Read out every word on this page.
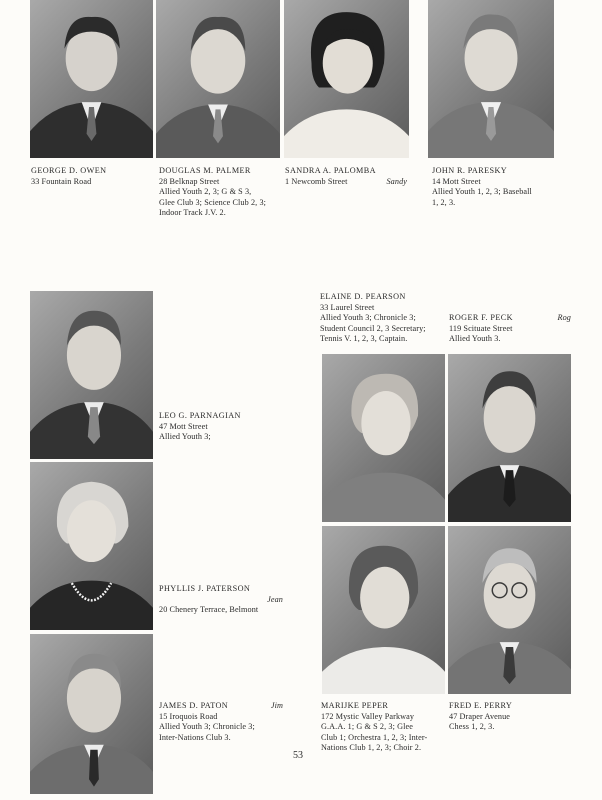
GEORGE D. OWEN
33 Fountain Road
DOUGLAS M. PALMER
28 Belknap Street
Allied Youth 2, 3; G & S 3,
Glee Club 3; Science Club 2, 3;
Indoor Track J.V. 2.
SANDRA A. PALOMBA
Sandy
1 Newcomb Street
JOHN R. PARESKY
14 Mott Street
Allied Youth 1, 2, 3; Baseball
1, 2, 3.
ELAINE D. PEARSON
33 Laurel Street
Allied Youth 3; Chronicle 3;
Student Council 2, 3 Secretary;
Tennis V. 1, 2, 3, Captain.
ROGER F. PECK	Rog
119 Scituate Street
Allied Youth 3.
LEO G. PARNAGIAN
47 Mott Street
Allied Youth 3;
PHYLLIS J. PATERSON
Jean

20 Chenery Terrace, Belmont
JAMES D. PATON	Jim
15 Iroquois Road
Allied Youth 3; Chronicle 3;
Inter-Nations Club 3.
MARIJKE PEPER
172 Mystic Valley Parkway
G.A.A. 1; G & S 2, 3; Glee
Club 1; Orchestra 1, 2, 3; Inter-
Nations Club 1, 2, 3; Choir 2.
FRED E. PERRY
47 Draper Avenue
Chess 1, 2, 3.
53
